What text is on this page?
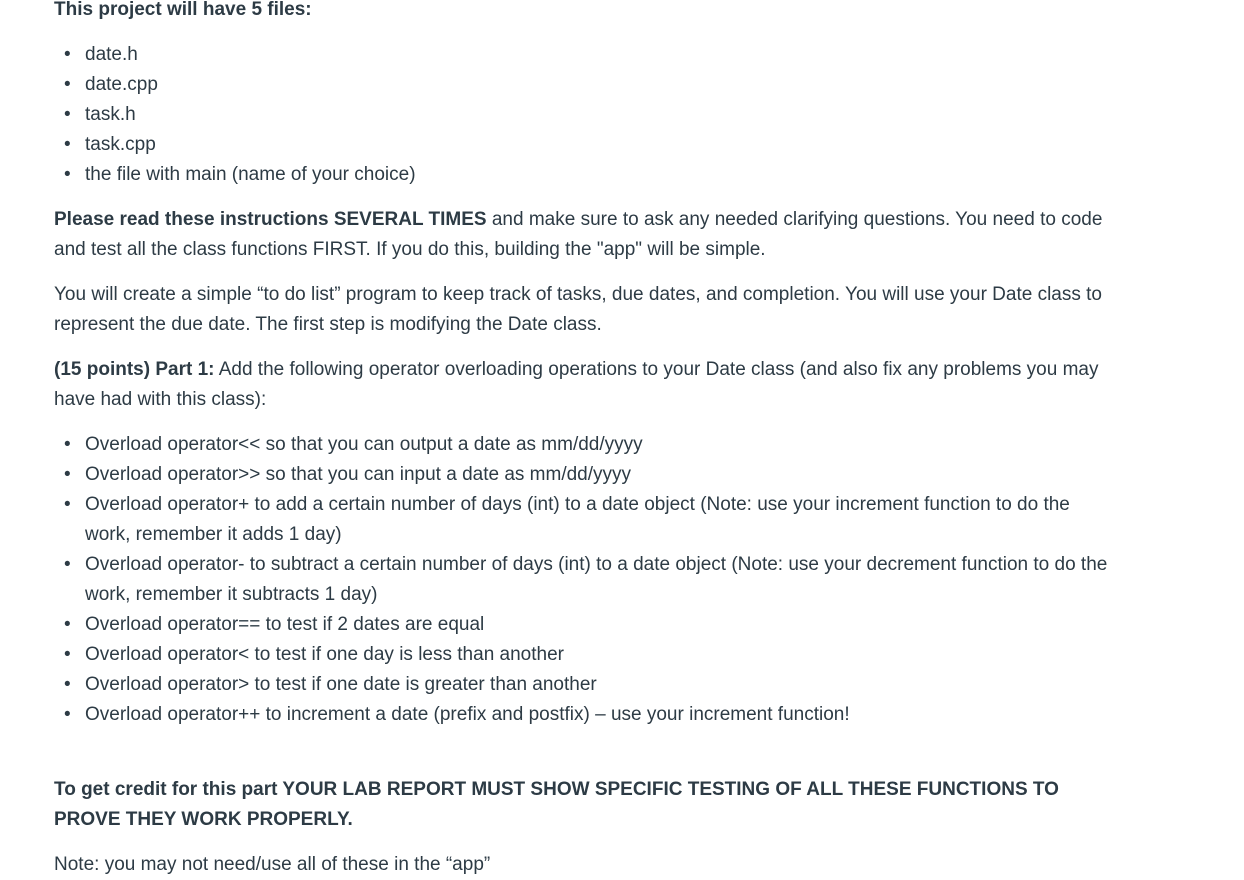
This project will have 5 files:

• date.h
• date.cpp
• task.h
• task.cpp
• the file with main (name of your choice)

Please read these instructions SEVERAL TIMES and make sure to ask any needed clarifying questions. You need to code and test all the class functions FIRST. If you do this, building the "app" will be simple.

You will create a simple “to do list” program to keep track of tasks, due dates, and completion. You will use your Date class to represent the due date. The first step is modifying the Date class.

(15 points) Part 1: Add the following operator overloading operations to your Date class (and also fix any problems you may have had with this class):

• Overload operator<< so that you can output a date as mm/dd/yyyy
• Overload operator>> so that you can input a date as mm/dd/yyyy
• Overload operator+ to add a certain number of days (int) to a date object (Note: use your increment function to do the work, remember it adds 1 day)
• Overload operator- to subtract a certain number of days (int) to a date object (Note: use your decrement function to do the work, remember it subtracts 1 day)
• Overload operator== to test if 2 dates are equal
• Overload operator< to test if one day is less than another
• Overload operator> to test if one date is greater than another
• Overload operator++ to increment a date (prefix and postfix) – use your increment function!

To get credit for this part YOUR LAB REPORT MUST SHOW SPECIFIC TESTING OF ALL THESE FUNCTIONS TO PROVE THEY WORK PROPERLY.

Note: you may not need/use all of these in the “app”
